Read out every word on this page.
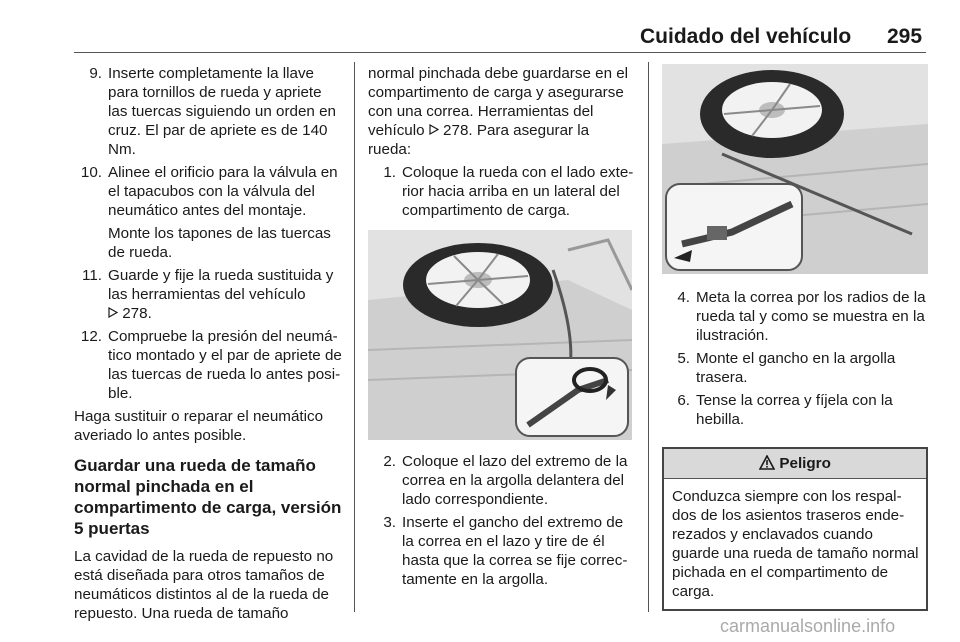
Cuidado del vehículo 295
9. Inserte completamente la llave para tornillos de rueda y apriete las tuercas siguiendo un orden en cruz. El par de apriete es de 140 Nm.
10. Alinee el orificio para la válvula en el tapacubos con la válvula del neumático antes del montaje.
Monte los tapones de las tuercas de rueda.
11. Guarde y fije la rueda sustituida y las herramientas del vehículo
278.
12. Compruebe la presión del neumático montado y el par de apriete de las tuercas de rueda lo antes posible.

Haga sustituir o reparar el neumático averiado lo antes posible.

Guardar una rueda de tamaño normal pinchada en el compartimento de carga, versión 5 puertas

La cavidad de la rueda de repuesto no está diseñada para otros tamaños de neumáticos distintos al de la rueda de repuesto. Una rueda de tamaño

normal pinchada debe guardarse en el compartimento de carga y asegurarse con una correa. Herramientas del vehículo 278. Para asegurar la rueda:

1. Coloque la rueda con el lado exterior hacia arriba en un lateral del compartimento de carga.
2. Coloque el lazo del extremo de la correa en la argolla delantera del lado correspondiente.
3. Inserte el gancho del extremo de la correa en el lazo y tire de él hasta que la correa se fije correctamente en la argolla.
4. Meta la correa por los radios de la rueda tal y como se muestra en la ilustración.
5. Monte el gancho en la argolla trasera.
6. Tense la correa y fíjela con la hebilla.
Peligro
Conduzca siempre con los respaldos de los asientos traseros enderezados y enclavados cuando guarde una rueda de tamaño normal pichada en el compartimento de carga.
carmanualsonline.info
